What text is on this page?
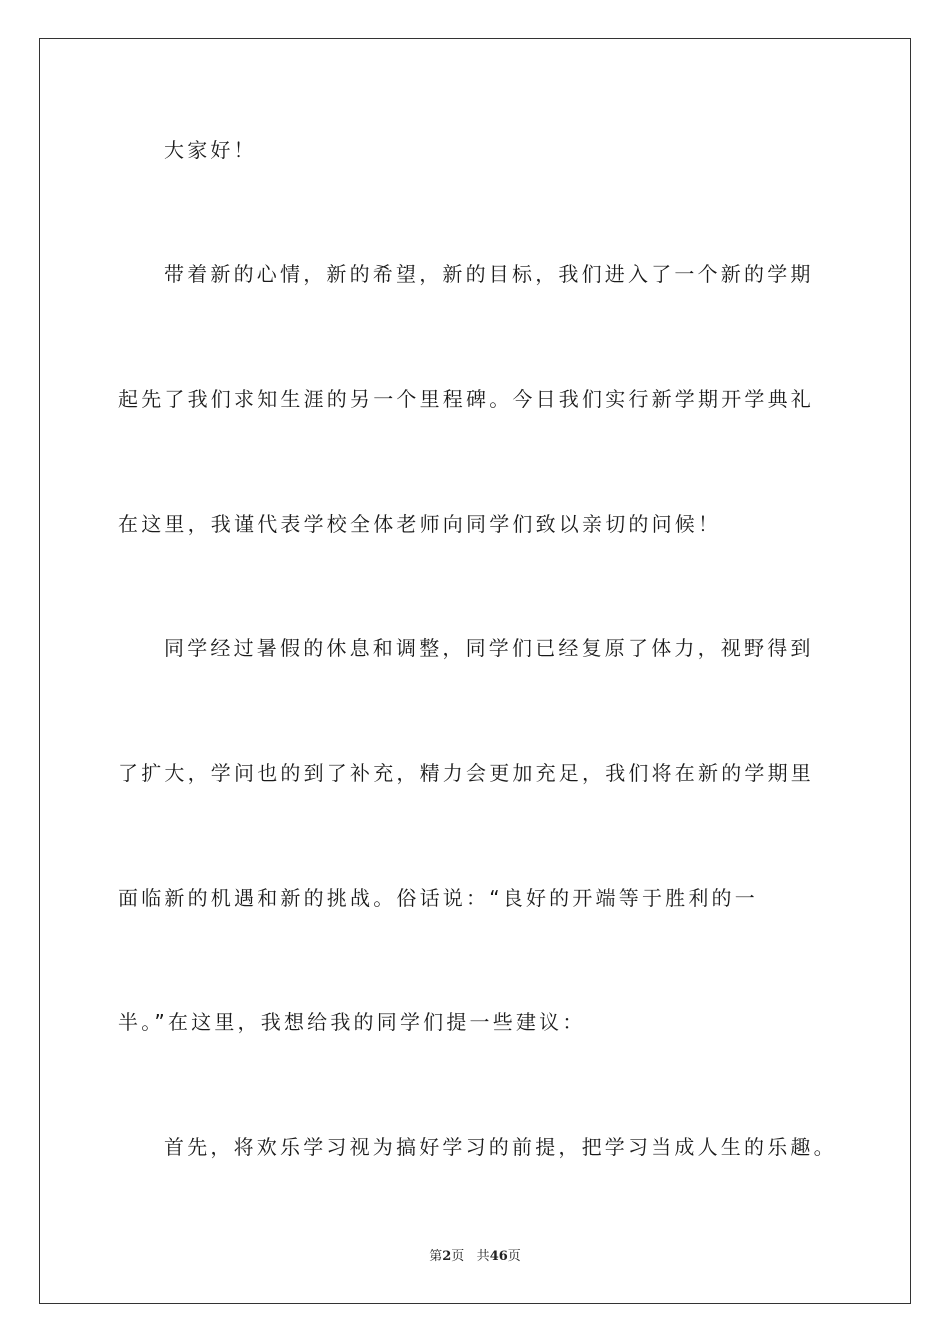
大家好！
带着新的心情，新的希望，新的目标，我们进入了一个新的学期
起先了我们求知生涯的另一个里程碑。今日我们实行新学期开学典礼
在这里，我谨代表学校全体老师向同学们致以亲切的问候！
同学经过暑假的休息和调整，同学们已经复原了体力，视野得到
了扩大，学问也的到了补充，精力会更加充足，我们将在新的学期里
面临新的机遇和新的挑战。俗话说：“良好的开端等于胜利的一
半。”在这里，我想给我的同学们提一些建议：
首先，将欢乐学习视为搞好学习的前提，把学习当成人生的乐趣。
第2页 共46页
